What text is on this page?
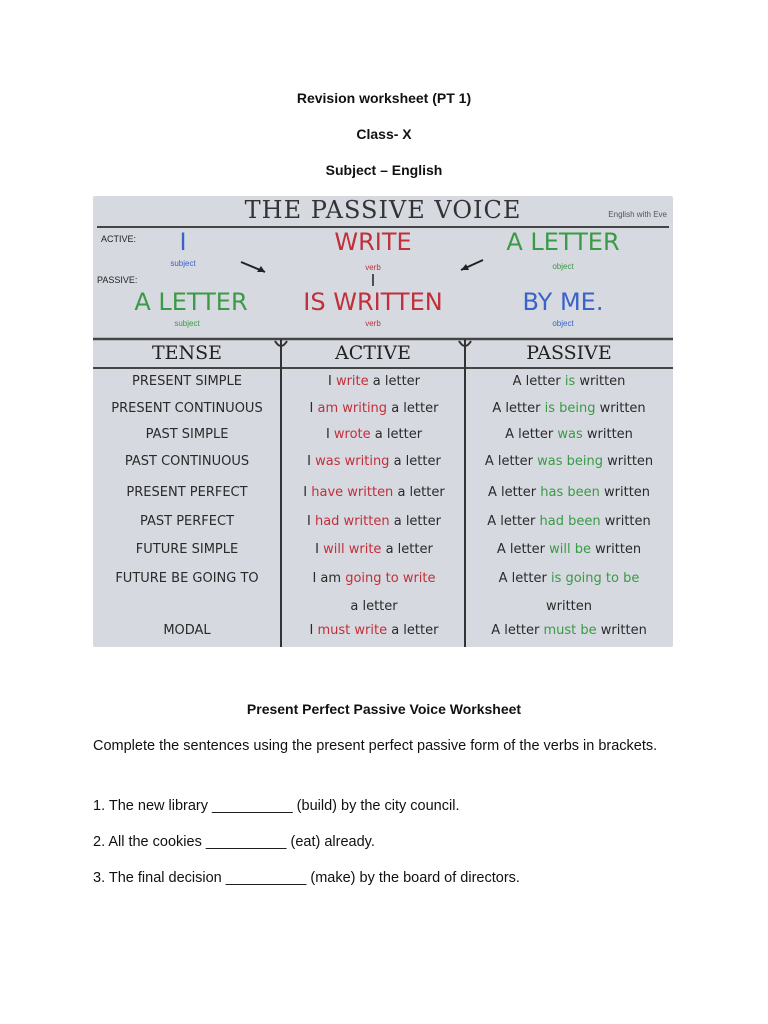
Revision worksheet (PT 1)
Class- X
Subject – English
THE PASSIVE VOICE	English with Eve
ACTIVE:
PASSIVE:
I
subject
WRITE
verb
A LETTER
object
A LETTER
subject
IS WRITTEN
verb
BY ME.
object
TENSE	ACTIVE	PASSIVE
PRESENT SIMPLE	I write a letter	A letter is written
PRESENT CONTINUOUS	I am writing a letter	A letter is being written
PAST SIMPLE	I wrote a letter	A letter was written
PAST CONTINUOUS	I was writing a letter	A letter was being written
PRESENT PERFECT	I have written a letter	A letter has been written
PAST PERFECT	I had written a letter	A letter had been written
FUTURE SIMPLE	I will write a letter	A letter will be written
FUTURE BE GOING TO	I am going to write	A letter is going to be
a letter	written
MODAL	I must write a letter	A letter must be written
Present Perfect Passive Voice Worksheet
Complete the sentences using the present perfect passive form of the verbs in brackets.
1. The new library __________ (build) by the city council.
2. All the cookies __________ (eat) already.
3. The final decision __________ (make) by the board of directors.
